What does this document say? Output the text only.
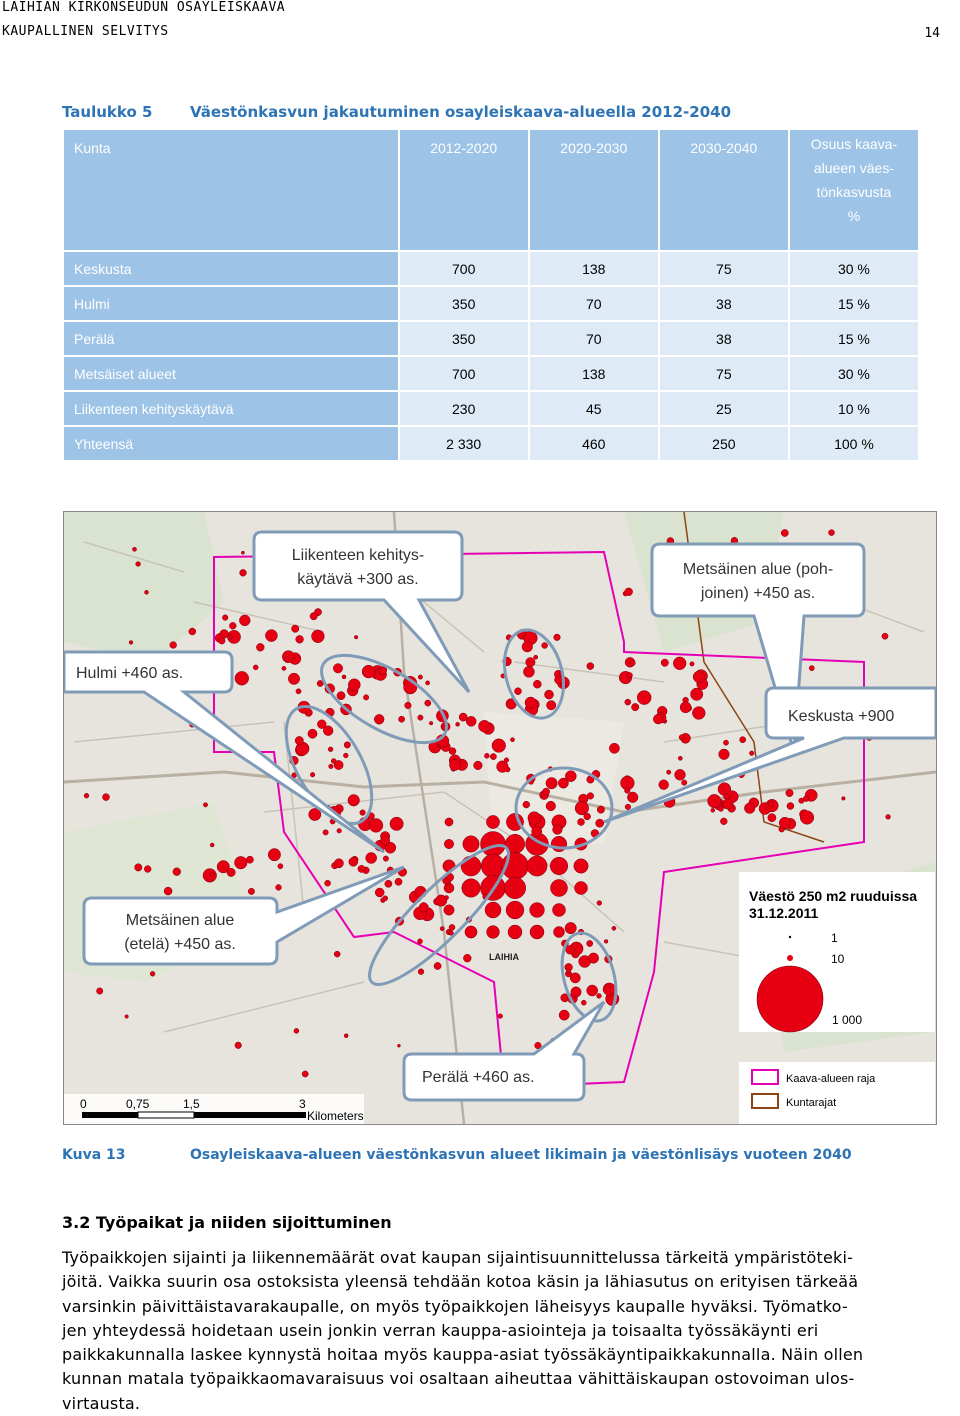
LAIHIAN KIRKONSEUDUN OSAYLEISKAAVA
KAUPALLINEN SELVITYS	14
Taulukko 5	Väestönkasvun jakautuminen osayleiskaava-alueella 2012-2040
Kunta	2012-2020	2020-2030	2030-2040	Osuus kaava-
alueen väes-
tönkasvusta
%

Keskusta	700	138	75	30 %
Hulmi	350	70	38	15 %
Perälä	350	70	38	15 %
Metsäiset alueet	700	138	75	30 %
Liikenteen kehityskäytävä	230	45	25	10 %
Yhteensä	2 330	460	250	100 %
Liikenteen kehitys-
käytävä +300 as.
Metsäinen alue (poh-
joinen) +450 as.
Hulmi +460 as.
Keskusta +900
Metsäinen alue
(etelä) +450 as.
Perälä +460 as.
LAIHIA
Väestö 250 m2 ruuduissa
31.12.2011
1
10
1 000
Kaava-alueen raja
Kuntarajat
0	0,75	1,5	3
Kilometers
Kuva 13	Osayleiskaava-alueen väestönkasvun alueet likimain ja väestönlisäys vuoteen 2040
3.2 Työpaikat ja niiden sijoittuminen
Työpaikkojen sijainti ja liikennemäärät ovat kaupan sijaintisuunnittelussa tärkeitä ympäristöteki-
jöitä. Vaikka suurin osa ostoksista yleensä tehdään kotoa käsin ja lähiasutus on erityisen tärkeää
varsinkin päivittäistavarakaupalle, on myös työpaikkojen läheisyys kaupalle hyväksi. Työmatko-
jen yhteydessä hoidetaan usein jonkin verran kauppa-asiointeja ja toisaalta työssäkäynti eri
paikkakunnalla laskee kynnystä hoitaa myös kauppa-asiat työssäkäyntipaikkakunnalla. Näin ollen
kunnan matala työpaikkaomavaraisuus voi osaltaan aiheuttaa vähittäiskaupan ostovoiman ulos-
virtausta.
